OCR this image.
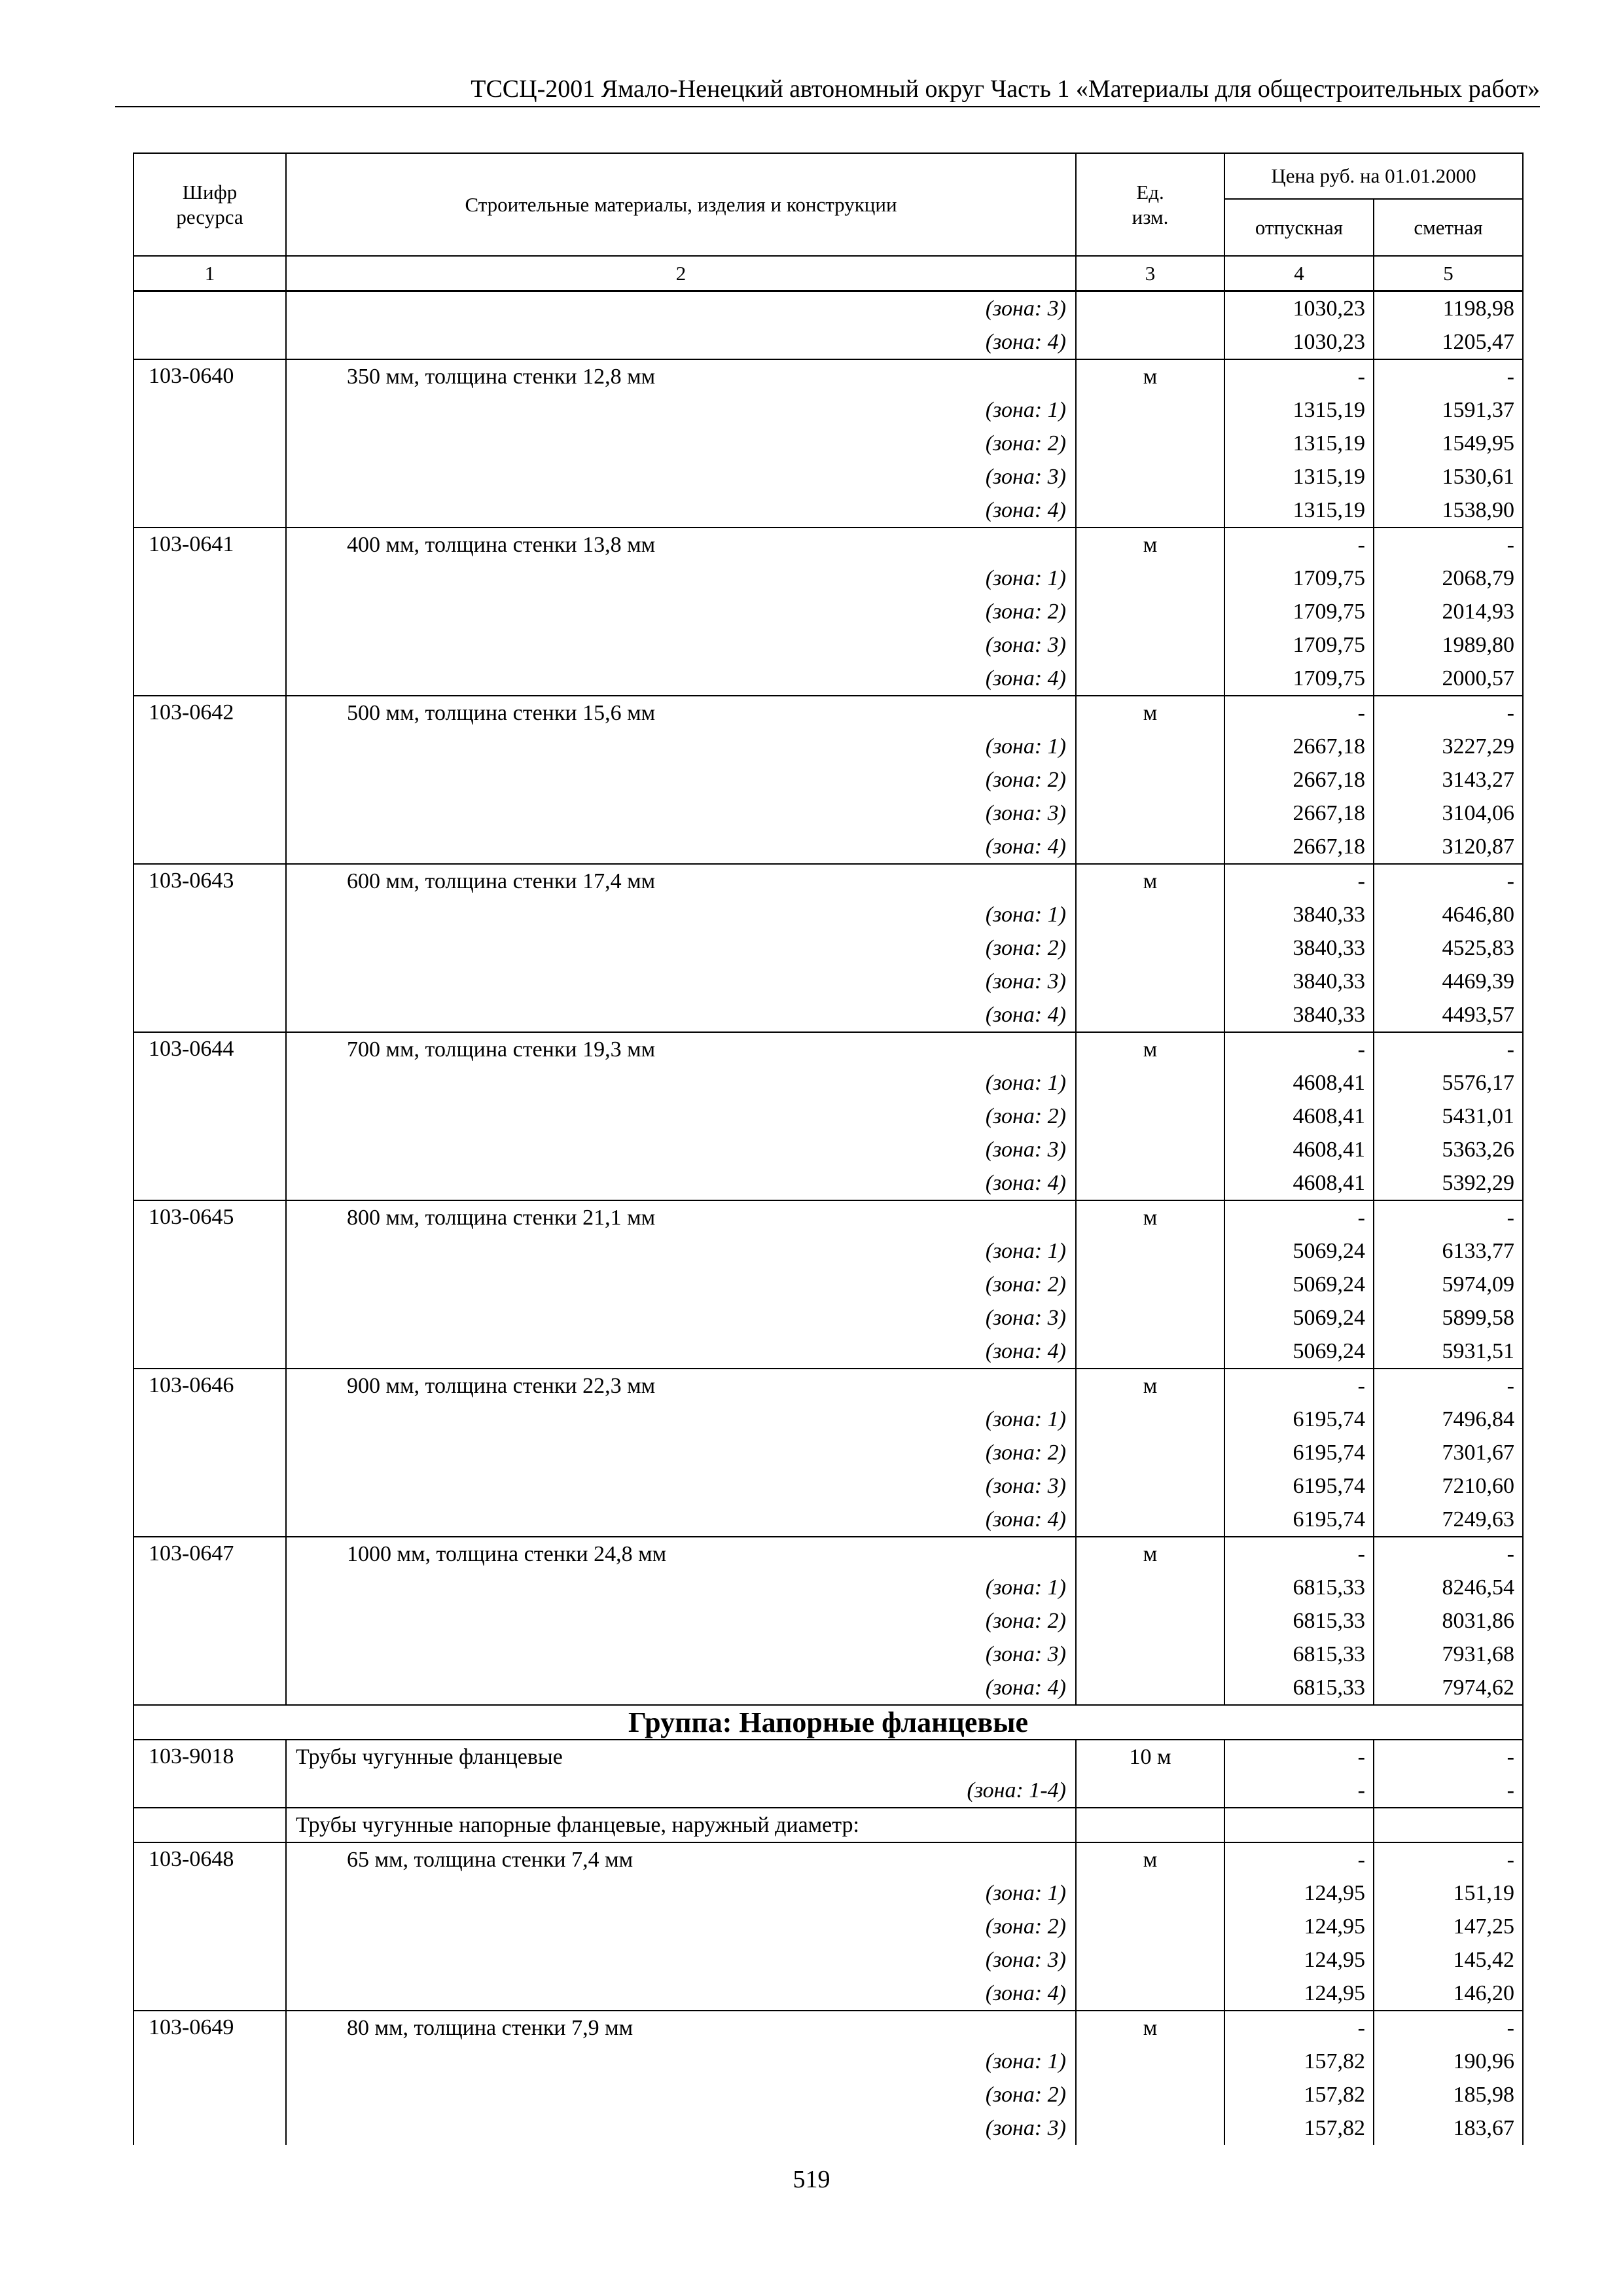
ТССЦ-2001 Ямало-Ненецкий автономный округ Часть 1 «Материалы для общестроительных работ»
Шифр
ресурса	Строительные материалы, изделия и конструкции	Ед.
изм.	Цена руб. на 01.01.2000	
			отпускная	сметная
1	2	3	4	5
	(зона: 3)		1030,23	1198,98
	(зона: 4)		1030,23	1205,47
103-0640	350 мм, толщина стенки 12,8 мм	м	-	-
	(зона: 1)		1315,19	1591,37
	(зона: 2)		1315,19	1549,95
	(зона: 3)		1315,19	1530,61
	(зона: 4)		1315,19	1538,90
103-0641	400 мм, толщина стенки 13,8 мм	м	-	-
	(зона: 1)		1709,75	2068,79
	(зона: 2)		1709,75	2014,93
	(зона: 3)		1709,75	1989,80
	(зона: 4)		1709,75	2000,57
103-0642	500 мм, толщина стенки 15,6 мм	м	-	-
	(зона: 1)		2667,18	3227,29
	(зона: 2)		2667,18	3143,27
	(зона: 3)		2667,18	3104,06
	(зона: 4)		2667,18	3120,87
103-0643	600 мм, толщина стенки 17,4 мм	м	-	-
	(зона: 1)		3840,33	4646,80
	(зона: 2)		3840,33	4525,83
	(зона: 3)		3840,33	4469,39
	(зона: 4)		3840,33	4493,57
103-0644	700 мм, толщина стенки 19,3 мм	м	-	-
	(зона: 1)		4608,41	5576,17
	(зона: 2)		4608,41	5431,01
	(зона: 3)		4608,41	5363,26
	(зона: 4)		4608,41	5392,29
103-0645	800 мм, толщина стенки 21,1 мм	м	-	-
	(зона: 1)		5069,24	6133,77
	(зона: 2)		5069,24	5974,09
	(зона: 3)		5069,24	5899,58
	(зона: 4)		5069,24	5931,51
103-0646	900 мм, толщина стенки 22,3 мм	м	-	-
	(зона: 1)		6195,74	7496,84
	(зона: 2)		6195,74	7301,67
	(зона: 3)		6195,74	7210,60
	(зона: 4)		6195,74	7249,63
103-0647	1000 мм, толщина стенки 24,8 мм	м	-	-
	(зона: 1)		6815,33	8246,54
	(зона: 2)		6815,33	8031,86
	(зона: 3)		6815,33	7931,68
	(зона: 4)		6815,33	7974,62
Группа: Напорные фланцевые				
103-9018	Трубы чугунные фланцевые	10 м	-	-
	(зона: 1-4)		-	-
	Трубы чугунные напорные фланцевые, наружный диаметр:			
103-0648	65 мм, толщина стенки 7,4 мм	м	-	-
	(зона: 1)		124,95	151,19
	(зона: 2)		124,95	147,25
	(зона: 3)		124,95	145,42
	(зона: 4)		124,95	146,20
103-0649	80 мм, толщина стенки 7,9 мм	м	-	-
	(зона: 1)		157,82	190,96
	(зона: 2)		157,82	185,98
	(зона: 3)		157,82	183,67
519
